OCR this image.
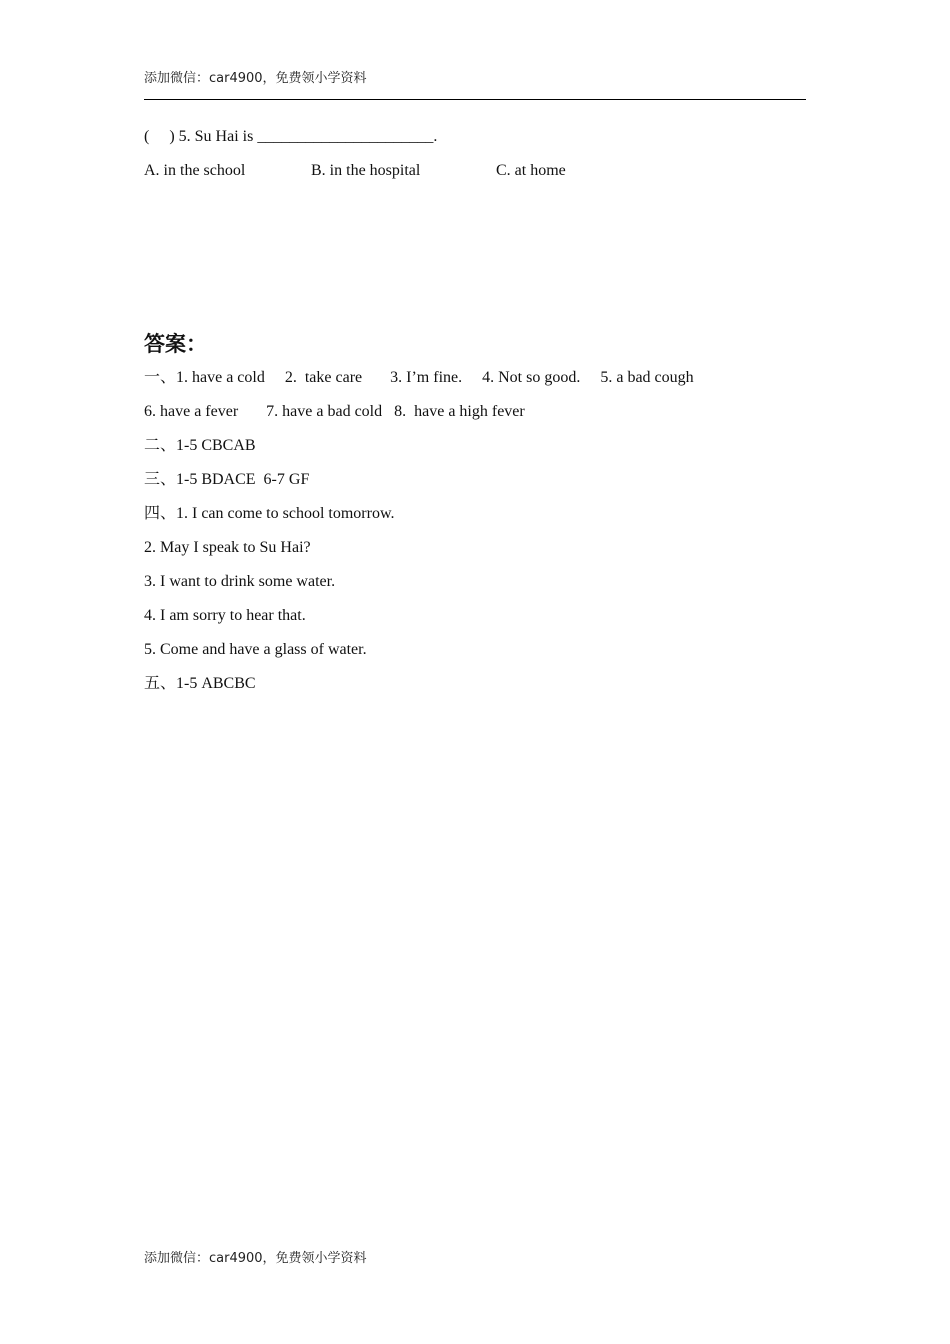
添加微信：car4900，免费领小学资料
(     ) 5. Su Hai is ______________________.

A. in the school

	B. in the hospital

	C. at home

答案：
一、1. have a cold     2.  take care       3. I’m fine.     4. Not so good.     5. a bad cough
6. have a fever       7. have a bad cold   8.  have a high fever
二、1-5 CBCAB
三、1-5 BDACE  6-7 GF
四、1. I can come to school tomorrow.
2. May I speak to Su Hai?
3. I want to drink some water.
4. I am sorry to hear that.
5. Come and have a glass of water.
五、1-5 ABCBC
添加微信：car4900，免费领小学资料
